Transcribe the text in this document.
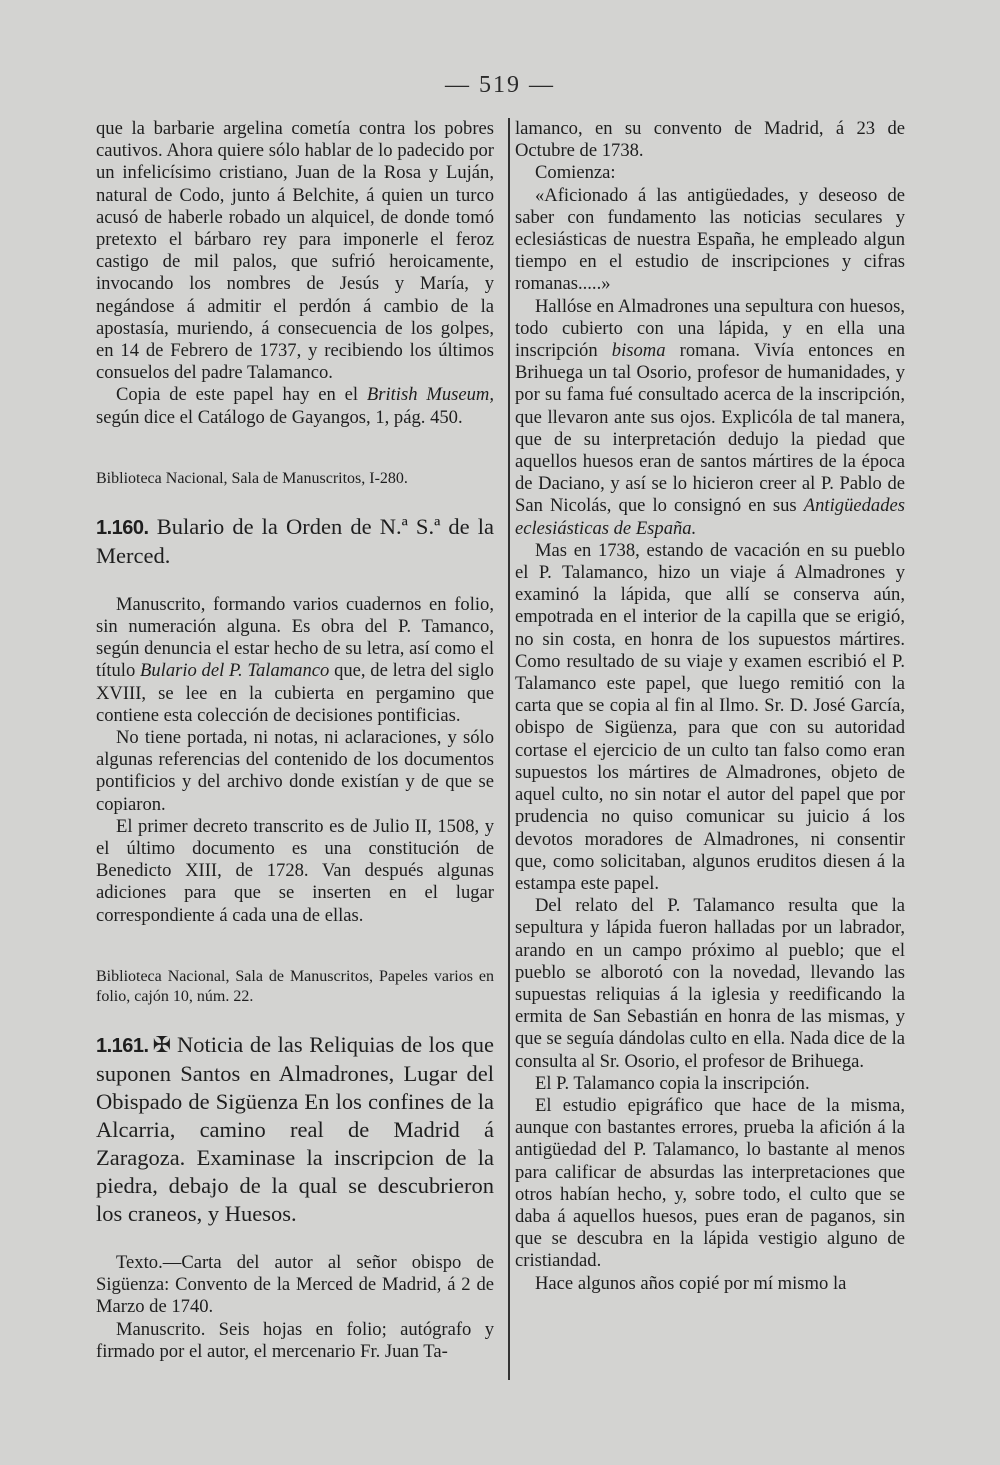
— 519 —

que la barbarie argelina cometía contra los pobres cautivos. Ahora quiere sólo hablar de lo padecido por un infelicísimo cristiano, Juan de la Rosa y Luján, natural de Codo, junto á Belchite, á quien un turco acusó de haberle robado un alquicel, de donde tomó pretexto el bárbaro rey para imponerle el feroz castigo de mil palos, que sufrió heroicamente, invocando los nombres de Jesús y María, y negándose á admitir el perdón á cambio de la apostasía, muriendo, á consecuencia de los golpes, en 14 de Febrero de 1737, y recibiendo los últimos consuelos del padre Talamanco.

Copia de este papel hay en el British Museum, según dice el Catálogo de Gayangos, 1, pág. 450.

Biblioteca Nacional, Sala de Manuscritos, I-280.

1.160. Bulario de la Orden de N.ª S.ª de la Merced.

Manuscrito, formando varios cuadernos en folio, sin numeración alguna. Es obra del P. Tamanco, según denuncia el estar hecho de su letra, así como el título Bulario del P. Talamanco que, de letra del siglo XVIII, se lee en la cubierta en pergamino que contiene esta colección de decisiones pontificias.

No tiene portada, ni notas, ni aclaraciones, y sólo algunas referencias del contenido de los documentos pontificios y del archivo donde existían y de que se copiaron.

El primer decreto transcrito es de Julio II, 1508, y el último documento es una constitución de Benedicto XIII, de 1728. Van después algunas adiciones para que se inserten en el lugar correspondiente á cada una de ellas.

Biblioteca Nacional, Sala de Manuscritos, Papeles varios en folio, cajón 10, núm. 22.

1.161. ✠ Noticia de las Reliquias de los que suponen Santos en Almadrones, Lugar del Obispado de Sigüenza En los confines de la Alcarria, camino real de Madrid á Zaragoza. Examinase la inscripcion de la piedra, debajo de la qual se descubrieron los craneos, y Huesos.

Texto.—Carta del autor al señor obispo de Sigüenza: Convento de la Merced de Madrid, á 2 de Marzo de 1740.

Manuscrito. Seis hojas en folio; autógrafo y firmado por el autor, el mercenario Fr. Juan Ta-

lamanco, en su convento de Madrid, á 23 de Octubre de 1738.

Comienza:

«Aficionado á las antigüedades, y deseoso de saber con fundamento las noticias seculares y eclesiásticas de nuestra España, he empleado algun tiempo en el estudio de inscripciones y cifras romanas.....»

Hallóse en Almadrones una sepultura con huesos, todo cubierto con una lápida, y en ella una inscripción bisoma romana. Vivía entonces en Brihuega un tal Osorio, profesor de humanidades, y por su fama fué consultado acerca de la inscripción, que llevaron ante sus ojos. Explicóla de tal manera, que de su interpretación dedujo la piedad que aquellos huesos eran de santos mártires de la época de Daciano, y así se lo hicieron creer al P. Pablo de San Nicolás, que lo consignó en sus Antigüedades eclesiásticas de España.

Mas en 1738, estando de vacación en su pueblo el P. Talamanco, hizo un viaje á Almadrones y examinó la lápida, que allí se conserva aún, empotrada en el interior de la capilla que se erigió, no sin costa, en honra de los supuestos mártires. Como resultado de su viaje y examen escribió el P. Talamanco este papel, que luego remitió con la carta que se copia al fin al Ilmo. Sr. D. José García, obispo de Sigüenza, para que con su autoridad cortase el ejercicio de un culto tan falso como eran supuestos los mártires de Almadrones, objeto de aquel culto, no sin notar el autor del papel que por prudencia no quiso comunicar su juicio á los devotos moradores de Almadrones, ni consentir que, como solicitaban, algunos eruditos diesen á la estampa este papel.

Del relato del P. Talamanco resulta que la sepultura y lápida fueron halladas por un labrador, arando en un campo próximo al pueblo; que el pueblo se alborotó con la novedad, llevando las supuestas reliquias á la iglesia y reedificando la ermita de San Sebastián en honra de las mismas, y que se seguía dándolas culto en ella. Nada dice de la consulta al Sr. Osorio, el profesor de Brihuega.

El P. Talamanco copia la inscripción.

El estudio epigráfico que hace de la misma, aunque con bastantes errores, prueba la afición á la antigüedad del P. Talamanco, lo bastante al menos para calificar de absurdas las interpretaciones que otros habían hecho, y, sobre todo, el culto que se daba á aquellos huesos, pues eran de paganos, sin que se descubra en la lápida vestigio alguno de cristiandad.

Hace algunos años copié por mí mismo la
